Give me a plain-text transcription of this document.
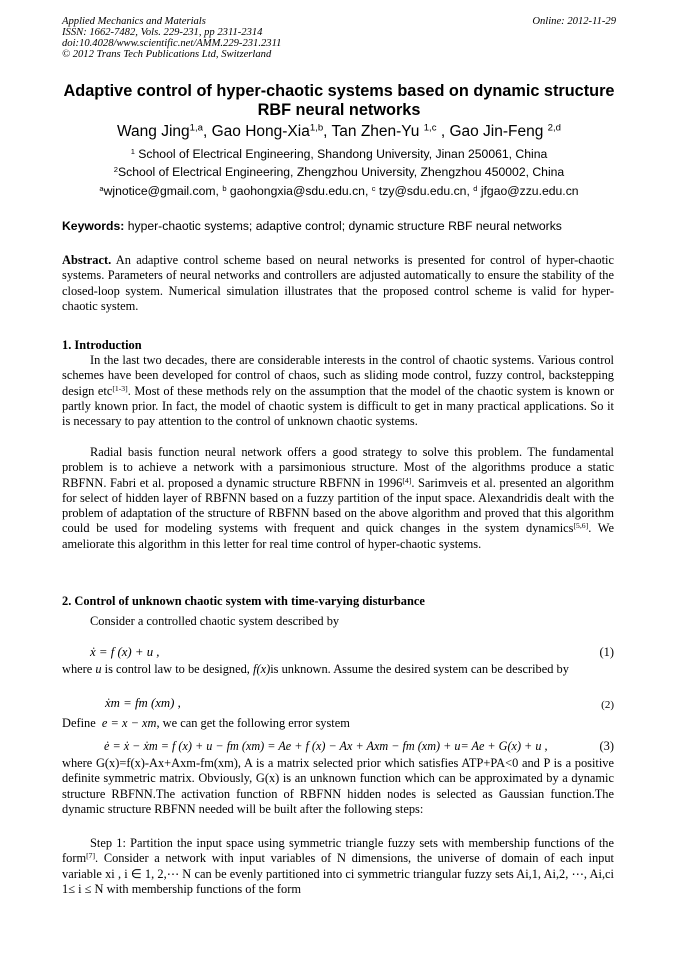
Applied Mechanics and Materials
ISSN: 1662-7482, Vols. 229-231, pp 2311-2314
doi:10.4028/www.scientific.net/AMM.229-231.2311
© 2012 Trans Tech Publications Ltd, Switzerland
Online: 2012-11-29
Adaptive control of hyper-chaotic systems based on dynamic structure
RBF neural networks
Wang Jing$^{1,a}$, Gao Hong-Xia$^{1,b}$, Tan Zhen-Yu $^{1,c}$ , Gao Jin-Feng $^{2,d}$
$^1$ School of Electrical Engineering, Shandong University, Jinan 250061, China
$^2$School of Electrical Engineering, Zhengzhou University, Zhengzhou 450002, China
$^a$wjnotice@gmail.com, $^b$ gaohongxia@sdu.edu.cn, $^c$ tzy@sdu.edu.cn, $^d$ jfgao@zzu.edu.cn
Keywords: hyper-chaotic systems; adaptive control; dynamic structure RBF neural networks
Abstract. An adaptive control scheme based on neural networks is presented for control of hyper-chaotic systems. Parameters of neural networks and controllers are adjusted automatically to ensure the stability of the closed-loop system. Numerical simulation illustrates that the proposed control scheme is valid for hyper-chaotic system.
1. Introduction
In the last two decades, there are considerable interests in the control of chaotic systems. Various control schemes have been developed for control of chaos, such as sliding mode control, fuzzy control, backstepping design etc[1-3]. Most of these methods rely on the assumption that the model of the chaotic system is known or partly known prior. In fact, the model of chaotic system is difficult to get in many practical applications. So it is necessary to pay attention to the control of unknown chaotic systems.
Radial basis function neural network offers a good strategy to solve this problem. The fundamental problem is to achieve a network with a parsimonious structure. Most of the algorithms produce a static RBFNN. Fabri et al. proposed a dynamic structure RBFNN in 1996[4]. Sarimveis et al. presented an algorithm for select of hidden layer of RBFNN based on a fuzzy partition of the input space. Alexandridis dealt with the problem of adaptation of the structure of RBFNN based on the above algorithm and proved that this algorithm could be used for modeling systems with frequent and quick changes in the system dynamics[5,6]. We ameliorate this algorithm in this letter for real time control of hyper-chaotic systems.
2. Control of unknown chaotic system with time-varying disturbance
Consider a controlled chaotic system described by
ẋ = f (x) + u ,	(1)
where u is control law to be designed, f(x)is unknown. Assume the desired system can be described by
ẋm = fm (xm) ,	(2)
Define e = x − xm, we can get the following error system
ė = ẋ − ẋm = f (x) + u − fm (xm) = Ae + f (x) − Ax + Axm − fm (xm) + u= Ae + G(x) + u ,	(3)
where G(x)=f(x)-Ax+Axm-fm(xm), A is a matrix selected prior which satisfies ATP+PA<0 and P is a positive definite symmetric matrix. Obviously, G(x) is an unknown function which can be approximated by a dynamic structure RBFNN.The activation function of RBFNN hidden nodes is selected as Gaussian function.The dynamic structure RBFNN needed will be built after the following steps:
Step 1: Partition the input space using symmetric triangle fuzzy sets with membership functions of the form[7]. Consider a network with input variables of N dimensions, the universe of domain of each input variable xi , i ∈ 1, 2,⋯ N can be evenly partitioned into ci symmetric triangular fuzzy sets Ai,1, Ai,2, ⋯, Ai,ci 1≤ i ≤ N with membership functions of the form
